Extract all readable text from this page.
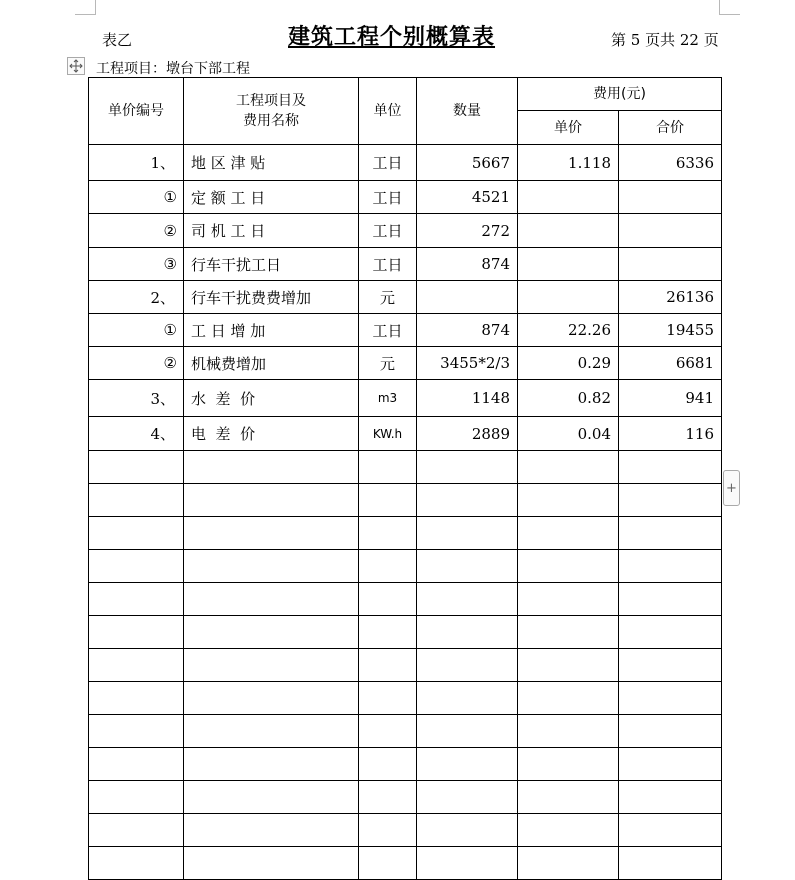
表乙	建筑工程个别概算表	第 5 页共 22 页
工程项目：墩台下部工程
+
单价编号	工程项目及
费用名称	单位	数量	费用(元)	
				单价	合价
1、	地 区 津 贴	工日	5667	1.118	6336
①	定 额 工 日	工日	4521		
②	司 机 工 日	工日	272		
③	行车干扰工日	工日	874		
2、	行车干扰费费增加	元			26136
①	工 日 增 加	工日	874	22.26	19455
②	机械费增加	元	3455*2/3	0.29	6681
3、	水  差  价	m3	1148	0.82	941
4、	电  差  价	KW.h	2889	0.04	116
